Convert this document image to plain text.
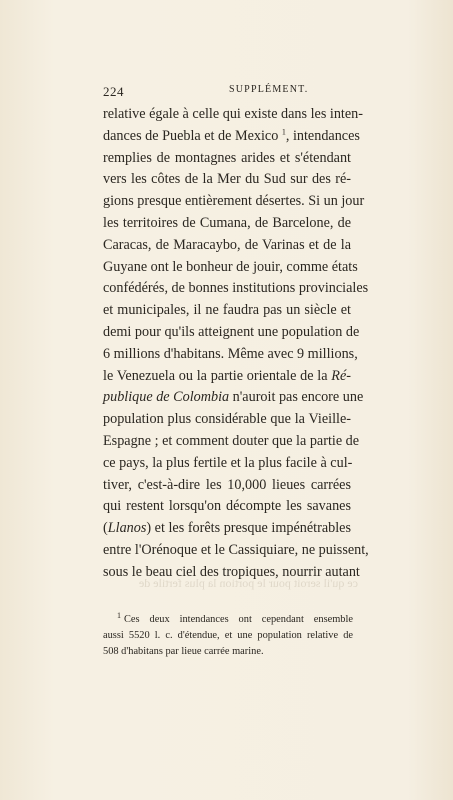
224	SUPPLÉMENT.
relative égale à celle qui existe dans les inten-
dances de Puebla et de Mexico $^1$, intendances
remplies de montagnes arides et s'étendant
vers les côtes de la Mer du Sud sur des ré-
gions presque entièrement désertes. Si un jour
les territoires de Cumana, de Barcelone, de
Caracas, de Maracaybo, de Varinas et de la
Guyane ont le bonheur de jouir, comme états
confédérés, de bonnes institutions provinciales
et municipales, il ne faudra pas un siècle et
demi pour qu'ils atteignent une population de
6 millions d'habitans. Même avec 9 millions,
le Venezuela ou la partie orientale de la Ré-
publique de Colombia n'auroit pas encore une
population plus considérable que la Vieille-
Espagne ; et comment douter que la partie de
ce pays, la plus fertile et la plus facile à cul-
tiver, c'est-à-dire les 10,000 lieues carrées
qui restent lorsqu'on décompte les savanes
(Llanos) et les forêts presque impénétrables
entre l'Orénoque et le Cassiquiare, ne puissent,
sous le beau ciel des tropiques, nourrir autant
ce qu'il seroit pour le portion la plus fertile de
$^1$ Ces deux intendances ont cependant ensemble
aussi 5520 l. c. d'étendue, et une population relative de
508 d'habitans par lieue carrée marine.
